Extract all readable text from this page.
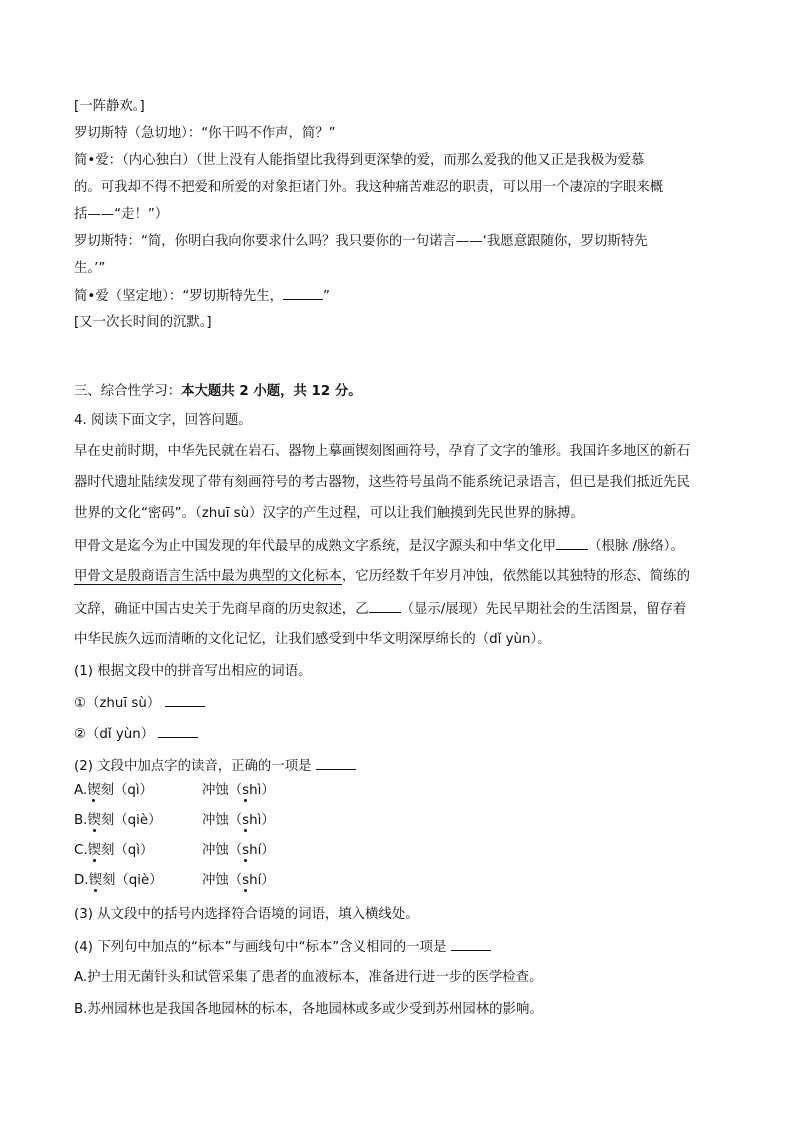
[一阵静欢。]
罗切斯特（急切地）：“你干吗不作声，简？”
简•爱：（内心独白）（世上没有人能指望比我得到更深挚的爱，而那么爱我的他又正是我极为爱慕
的。可我却不得不把爱和所爱的对象拒诸门外。我这种痛苦难忍的职责，可以用一个凄凉的字眼来概
括——“走！”）
罗切斯特：“简，你明白我向你要求什么吗？我只要你的一句诺言——‘我愿意跟随你，罗切斯特先
生。’”
简•爱（坚定地）：“罗切斯特先生，	”
[又一次长时间的沉默。]
三、综合性学习：本大题共 2 小题，共 12 分。
4. 阅读下面文字，回答问题。
早在史前时期，中华先民就在岩石、器物上摹画锲刻图画符号，孕育了文字的雏形。我国许多地区的新石
器时代遗址陆续发现了带有刻画符号的考古器物，这些符号虽尚不能系统记录语言，但已是我们抵近先民
世界的文化“密码”。（zhuī sù）汉字的产生过程，可以让我们触摸到先民世界的脉搏。
甲骨文是迄今为止中国发现的年代最早的成熟文字系统，是汉字源头和中华文化甲 （根脉 /脉络）。
甲骨文是殷商语言生活中最为典型的文化标本，它历经数千年岁月冲蚀，依然能以其独特的形态、简练的
文辞，确证中国古史关于先商早商的历史叙述，乙 （显示/展现）先民早期社会的生活图景，留存着
中华民族久远而清晰的文化记忆，让我们感受到中华文明深厚绵长的（dǐ yùn）。
(1) 根据文段中的拼音写出相应的词语。
①（zhuī sù）
②（dǐ yùn）
(2) 文段中加点字的读音，正确的一项是
A.锲刻（qì）	冲蚀（shì）
B.锲刻（qiè）	冲蚀（shì）
C.锲刻（qì）	冲蚀（shí）
D.锲刻（qiè）	冲蚀（shí）
(3) 从文段中的括号内选择符合语境的词语，填入横线处。
(4) 下列句中加点的“标本”与画线句中“标本”含义相同的一项是
A.护士用无菌针头和试管采集了患者的血液标本，准备进行进一步的医学检查。
B.苏州园林也是我国各地园林的标本，各地园林或多或少受到苏州园林的影响。
